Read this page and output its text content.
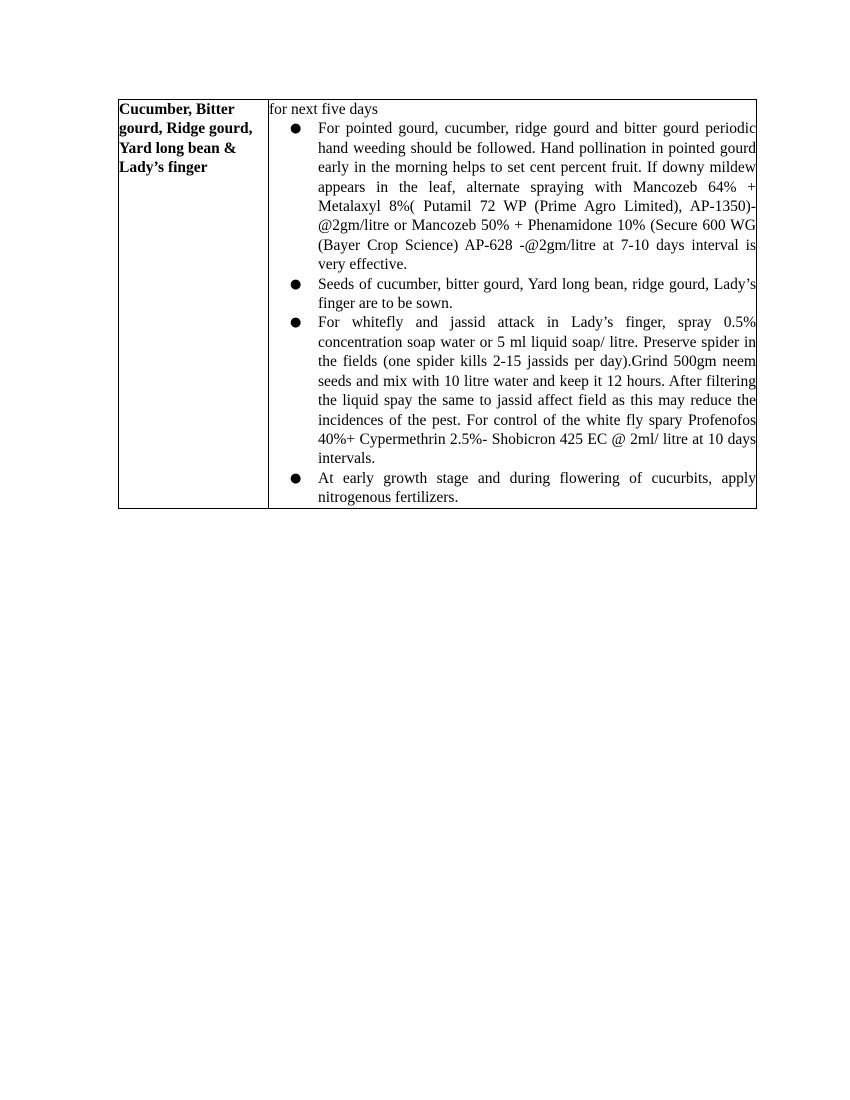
Cucumber, Bitter gourd, Ridge gourd, Yard long bean & Lady’s finger	
for next five days
● For pointed gourd, cucumber, ridge gourd and bitter gourd periodic hand weeding should be followed. Hand pollination in pointed gourd early in the morning helps to set cent percent fruit. If downy mildew appears in the leaf, alternate spraying with Mancozeb 64% + Metalaxyl 8%( Putamil 72 WP (Prime Agro Limited), AP-1350)-@2gm/litre or Mancozeb 50% + Phenamidone 10% (Secure 600 WG (Bayer Crop Science) AP-628 -@2gm/litre at 7-10 days interval is very effective.
● Seeds of cucumber, bitter gourd, Yard long bean, ridge gourd, Lady’s finger are to be sown.
● For whitefly and jassid attack in Lady’s finger, spray 0.5% concentration soap water or 5 ml liquid soap/ litre. Preserve spider in the fields (one spider kills 2-15 jassids per day).Grind 500gm neem seeds and mix with 10 litre water and keep it 12 hours. After filtering the liquid spay the same to jassid affect field as this may reduce the incidences of the pest. For control of the white fly spary Profenofos 40%+ Cypermethrin 2.5%- Shobicron 425 EC @ 2ml/ litre at 10 days intervals.
● At early growth stage and during flowering of cucurbits, apply nitrogenous fertilizers.
